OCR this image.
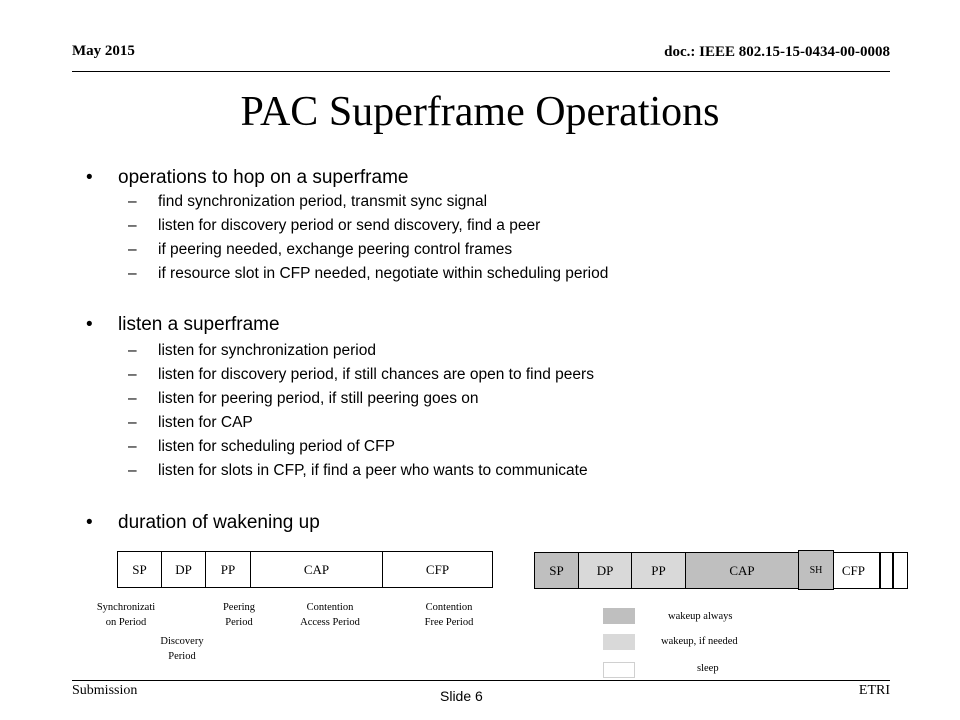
May 2015	doc.: IEEE 802.15-15-0434-00-0008
PAC Superframe Operations
• operations to hop on a superframe
– find synchronization period, transmit sync signal
– listen for discovery period or send discovery, find a peer
– if peering needed, exchange peering control frames
– if resource slot in CFP needed, negotiate within scheduling period
• listen a superframe
– listen for synchronization period
– listen for discovery period, if still chances are open to find peers
– listen for peering period, if still peering goes on
– listen for CAP
– listen for scheduling period of CFP
– listen for slots in CFP, if find a peer who wants to communicate
• duration of wakening up
SP	DP	PP	CAP	CFP
Synchronizati on Period
Discovery Period
Peering Period
Contention Access Period
Contention Free Period
SP	DP	PP	CAP	CFP
SH
wakeup always
wakeup, if needed
sleep
Submission	Slide 6	ETRI
